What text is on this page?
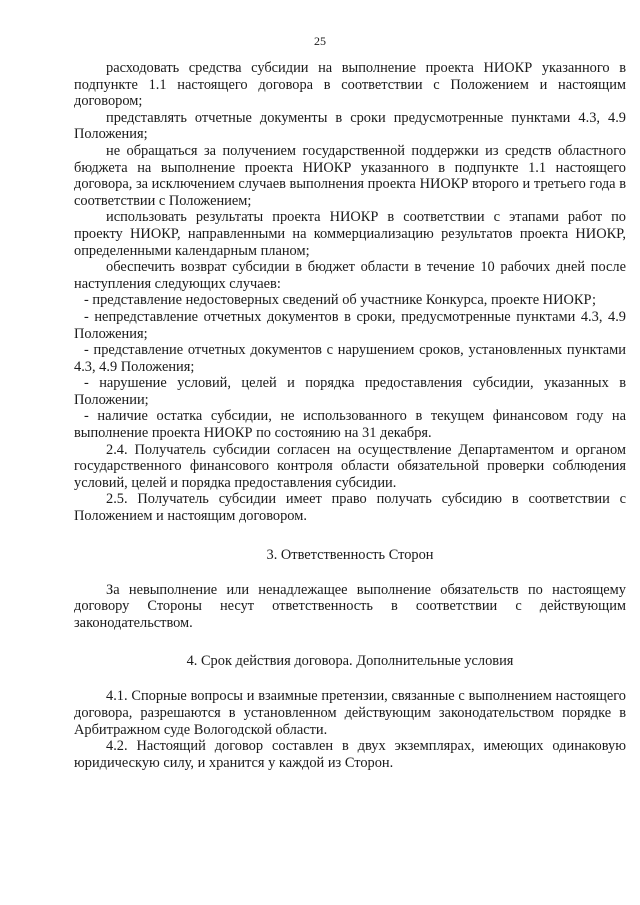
25

расходовать средства субсидии на выполнение проекта НИОКР указанного в подпункте 1.1 настоящего договора в соответствии с Положением и настоящим договором;

представлять отчетные документы в сроки предусмотренные пунктами 4.3, 4.9 Положения;

не обращаться за получением государственной поддержки из средств областного бюджета на выполнение проекта НИОКР указанного в подпункте 1.1 настоящего договора, за исключением случаев выполнения проекта НИОКР второго и третьего года в соответствии с Положением;

использовать результаты проекта НИОКР в соответствии с этапами работ по проекту НИОКР, направленными на коммерциализацию результатов проекта НИОКР, определенными календарным планом;

обеспечить возврат субсидии в бюджет области в течение 10 рабочих дней после наступления следующих случаев:

- представление недостоверных сведений об участнике Конкурса, проекте НИОКР;

- непредставление отчетных документов в сроки, предусмотренные пунктами 4.3, 4.9 Положения;

- представление отчетных документов с нарушением сроков, установленных пунктами 4.3, 4.9 Положения;

- нарушение условий, целей и порядка предоставления субсидии, указанных в Положении;

- наличие остатка субсидии, не использованного в текущем финансовом году на выполнение проекта НИОКР по состоянию на 31 декабря.

2.4. Получатель субсидии согласен на осуществление Департаментом и органом государственного финансового контроля области обязательной проверки соблюдения условий, целей и порядка предоставления субсидии.

2.5. Получатель субсидии имеет право получать субсидию в соответствии с Положением и настоящим договором.

3. Ответственность Сторон

За невыполнение или ненадлежащее выполнение обязательств по настоящему договору Стороны несут ответственность в соответствии с действующим законодательством.

4. Срок действия договора. Дополнительные условия

4.1. Спорные вопросы и взаимные претензии, связанные с выполнением настоящего договора, разрешаются в установленном действующим законодательством порядке в Арбитражном суде Вологодской области.

4.2. Настоящий договор составлен в двух экземплярах, имеющих одинаковую юридическую силу, и хранится у каждой из Сторон.
